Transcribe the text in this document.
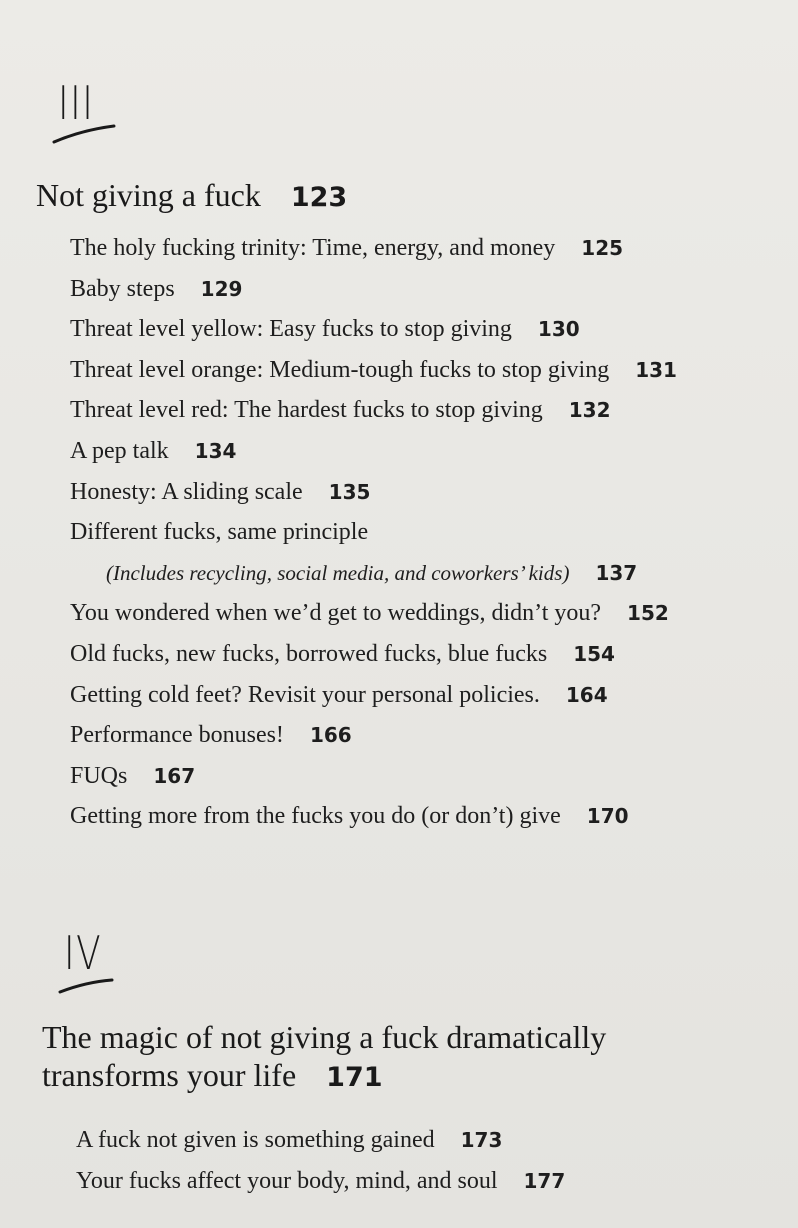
III
Not giving a fuck 123
The holy fucking trinity: Time, energy, and money 125
Baby steps 129
Threat level yellow: Easy fucks to stop giving 130
Threat level orange: Medium-tough fucks to stop giving 131
Threat level red: The hardest fucks to stop giving 132
A pep talk 134
Honesty: A sliding scale 135
Different fucks, same principle
(Includes recycling, social media, and coworkers’ kids) 137
You wondered when we’d get to weddings, didn’t you? 152
Old fucks, new fucks, borrowed fucks, blue fucks 154
Getting cold feet? Revisit your personal policies. 164
Performance bonuses! 166
FUQs 167
Getting more from the fucks you do (or don’t) give 170
IV
The magic of not giving a fuck dramatically
transforms your life 171
A fuck not given is something gained 173
Your fucks affect your body, mind, and soul 177
